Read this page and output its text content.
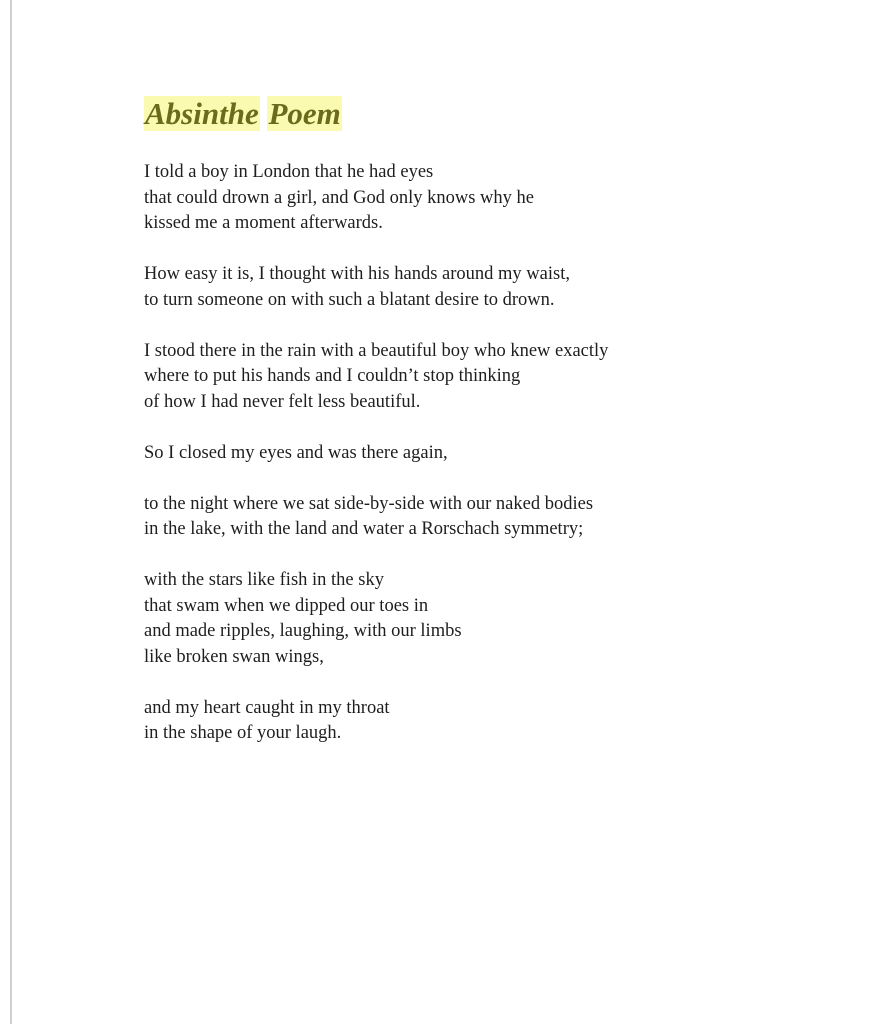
Absinthe Poem
I told a boy in London that he had eyes
that could drown a girl, and God only knows why he
kissed me a moment afterwards.
How easy it is, I thought with his hands around my waist,
to turn someone on with such a blatant desire to drown.
I stood there in the rain with a beautiful boy who knew exactly
where to put his hands and I couldn’t stop thinking
of how I had never felt less beautiful.
So I closed my eyes and was there again,
to the night where we sat side-by-side with our naked bodies
in the lake, with the land and water a Rorschach symmetry;
with the stars like fish in the sky
that swam when we dipped our toes in
and made ripples, laughing, with our limbs
like broken swan wings,
and my heart caught in my throat
in the shape of your laugh.
